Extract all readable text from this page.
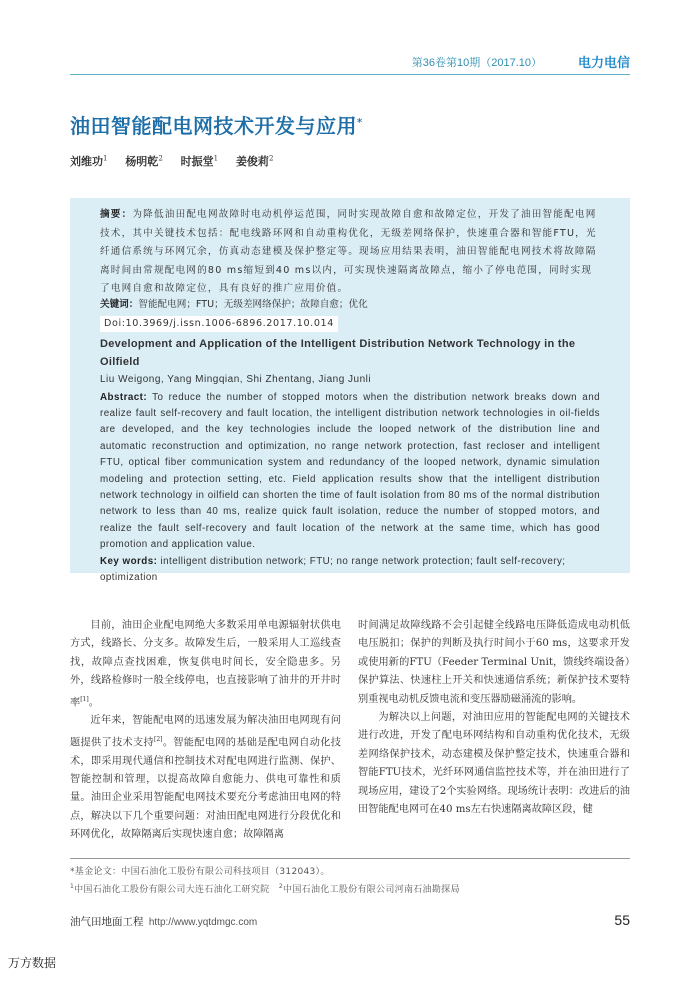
第36卷第10期（2017.10）	电力电信
油田智能配电网技术开发与应用*
刘维功$^1$ 杨明乾$^2$ 时振堂$^1$ 姜俊莉$^2$
摘要：为降低油田配电网故障时电动机停运范围，同时实现故障自愈和故障定位，开发了油田智能配电网技术，其中关键技术包括：配电线路环网和自动重构优化，无级差网络保护，快速重合器和智能FTU，光纤通信系统与环网冗余，仿真动态建模及保护整定等。现场应用结果表明，油田智能配电网技术将故障隔离时间由常规配电网的80 ms缩短到40 ms以内，可实现快速隔离故障点，缩小了停电范围，同时实现了电网自愈和故障定位，具有良好的推广应用价值。
关键词：智能配电网；FTU；无级差网络保护；故障自愈；优化
Doi:10.3969/j.issn.1006-6896.2017.10.014
Development and Application of the Intelligent Distribution Network Technology in the Oilfield
Liu Weigong, Yang Mingqian, Shi Zhentang, Jiang Junli
Abstract: To reduce the number of stopped motors when the distribution network breaks down and realize fault self-recovery and fault location, the intelligent distribution network technologies in oil-fields are developed, and the key technologies include the looped network of the distribution line and automatic reconstruction and optimization, no range network protection, fast recloser and intelligent FTU, optical fiber communication system and redundancy of the looped network, dynamic simulation modeling and protection setting, etc. Field application results show that the intelligent distribution network technology in oilfield can shorten the time of fault isolation from 80 ms of the normal distribution network to less than 40 ms, realize quick fault isolation, reduce the number of stopped motors, and realize the fault self-recovery and fault location of the network at the same time, which has good promotion and application value.
Key words: intelligent distribution network; FTU; no range network protection; fault self-recovery; optimization

目前，油田企业配电网绝大多数采用单电源辐射状供电方式，线路长、分支多。故障发生后，一般采用人工巡线查找，故障点查找困难，恢复供电时间长，安全隐患多。另外，线路检修时一般全线停电，也直接影响了油井的开井时率[1]。

近年来，智能配电网的迅速发展为解决油田电网现有问题提供了技术支持[2]。智能配电网的基础是配电网自动化技术，即采用现代通信和控制技术对配电网进行监测、保护、智能控制和管理，以提高故障自愈能力、供电可靠性和质量。油田企业采用智能配电网技术要充分考虑油田电网的特点，解决以下几个重要问题：对油田配电网进行分段优化和环网优化，故障隔离后实现快速自愈；故障隔离

时间满足故障线路不会引起健全线路电压降低造成电动机低电压脱扣；保护的判断及执行时间小于60 ms，这要求开发或使用新的FTU（Feeder Terminal Unit，馈线终端设备）保护算法、快速柱上开关和快速通信系统；新保护技术要特别重视电动机反馈电流和变压器励磁涌流的影响。

为解决以上问题，对油田应用的智能配电网的关键技术进行改进，开发了配电环网结构和自动重构优化技术，无级差网络保护技术，动态建模及保护整定技术，快速重合器和智能FTU技术，光纤环网通信监控技术等，并在油田进行了现场应用，建设了2个实验网络。现场统计表明：改进后的油田智能配电网可在40 ms左右快速隔离故障区段，健

*基金论文：中国石油化工股份有限公司科技项目（312043）。
$^1$中国石油化工股份有限公司大连石油化工研究院 $^2$中国石油化工股份有限公司河南石油勘探局
油气田地面工程 http://www.yqtdmgc.com	55
万方数据
